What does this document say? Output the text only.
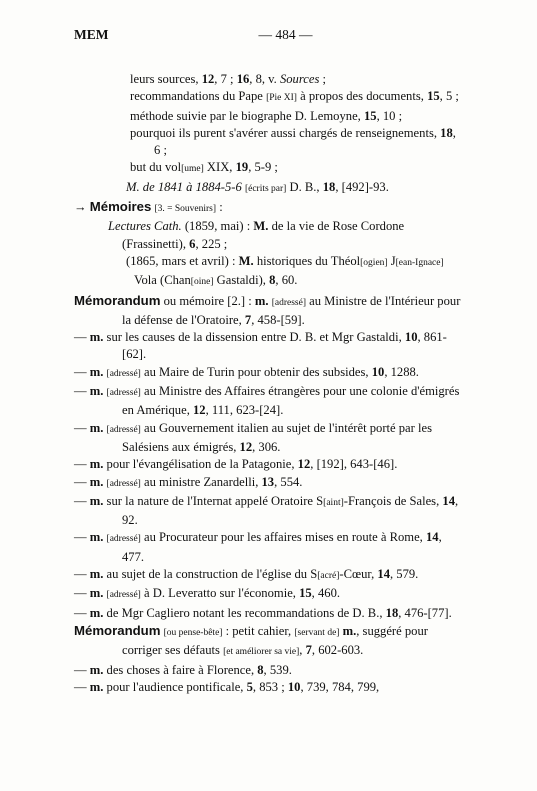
MEM	— 484 —

leurs sources, 12, 7 ; 16, 8, v. Sources ;

recommandations du Pape [Pie XI] à propos des documents, 15, 5 ;

méthode suivie par le biographe D. Lemoyne, 15, 10 ;

pourquoi ils purent s'avérer aussi chargés de renseignements, 18, 6 ;

but du vol[ume] XIX, 19, 5-9 ;

M. de 1841 à 1884-5-6 [écrits par] D. B., 18, [492]-93.

→ Mémoires [3. = Souvenirs] :

Lectures Cath. (1859, mai) : M. de la vie de Rose Cordone (Frassinetti), 6, 225 ;

(1865, mars et avril) : M. historiques du Théol[ogien] J[ean-Ignace] Vola (Chan[oine] Gastaldi), 8, 60.

Mémorandum ou mémoire [2.] : m. [adressé] au Ministre de l'Intérieur pour la défense de l'Oratoire, 7, 458-[59].

— m. sur les causes de la dissension entre D. B. et Mgr Gastaldi, 10, 861-[62].

— m. [adressé] au Maire de Turin pour obtenir des subsides, 10, 1288.

— m. [adressé] au Ministre des Affaires étrangères pour une colonie d'émigrés en Amérique, 12, 111, 623-[24].

— m. [adressé] au Gouvernement italien au sujet de l'intérêt porté par les Salésiens aux émigrés, 12, 306.

— m. pour l'évangélisation de la Patagonie, 12, [192], 643-[46].

— m. [adressé] au ministre Zanardelli, 13, 554.

— m. sur la nature de l'Internat appelé Oratoire S[aint]-François de Sales, 14, 92.

— m. [adressé] au Procurateur pour les affaires mises en route à Rome, 14, 477.

— m. au sujet de la construction de l'église du S[acré]-Cœur, 14, 579.

— m. [adressé] à D. Leveratto sur l'économie, 15, 460.

— m. de Mgr Cagliero notant les recommandations de D. B., 18, 476-[77].

Mémorandum [ou pense-bête] : petit cahier, [servant de] m., suggéré pour corriger ses défauts [et améliorer sa vie], 7, 602-603.

— m. des choses à faire à Florence, 8, 539.

— m. pour l'audience pontificale, 5, 853 ; 10, 739, 784, 799,
